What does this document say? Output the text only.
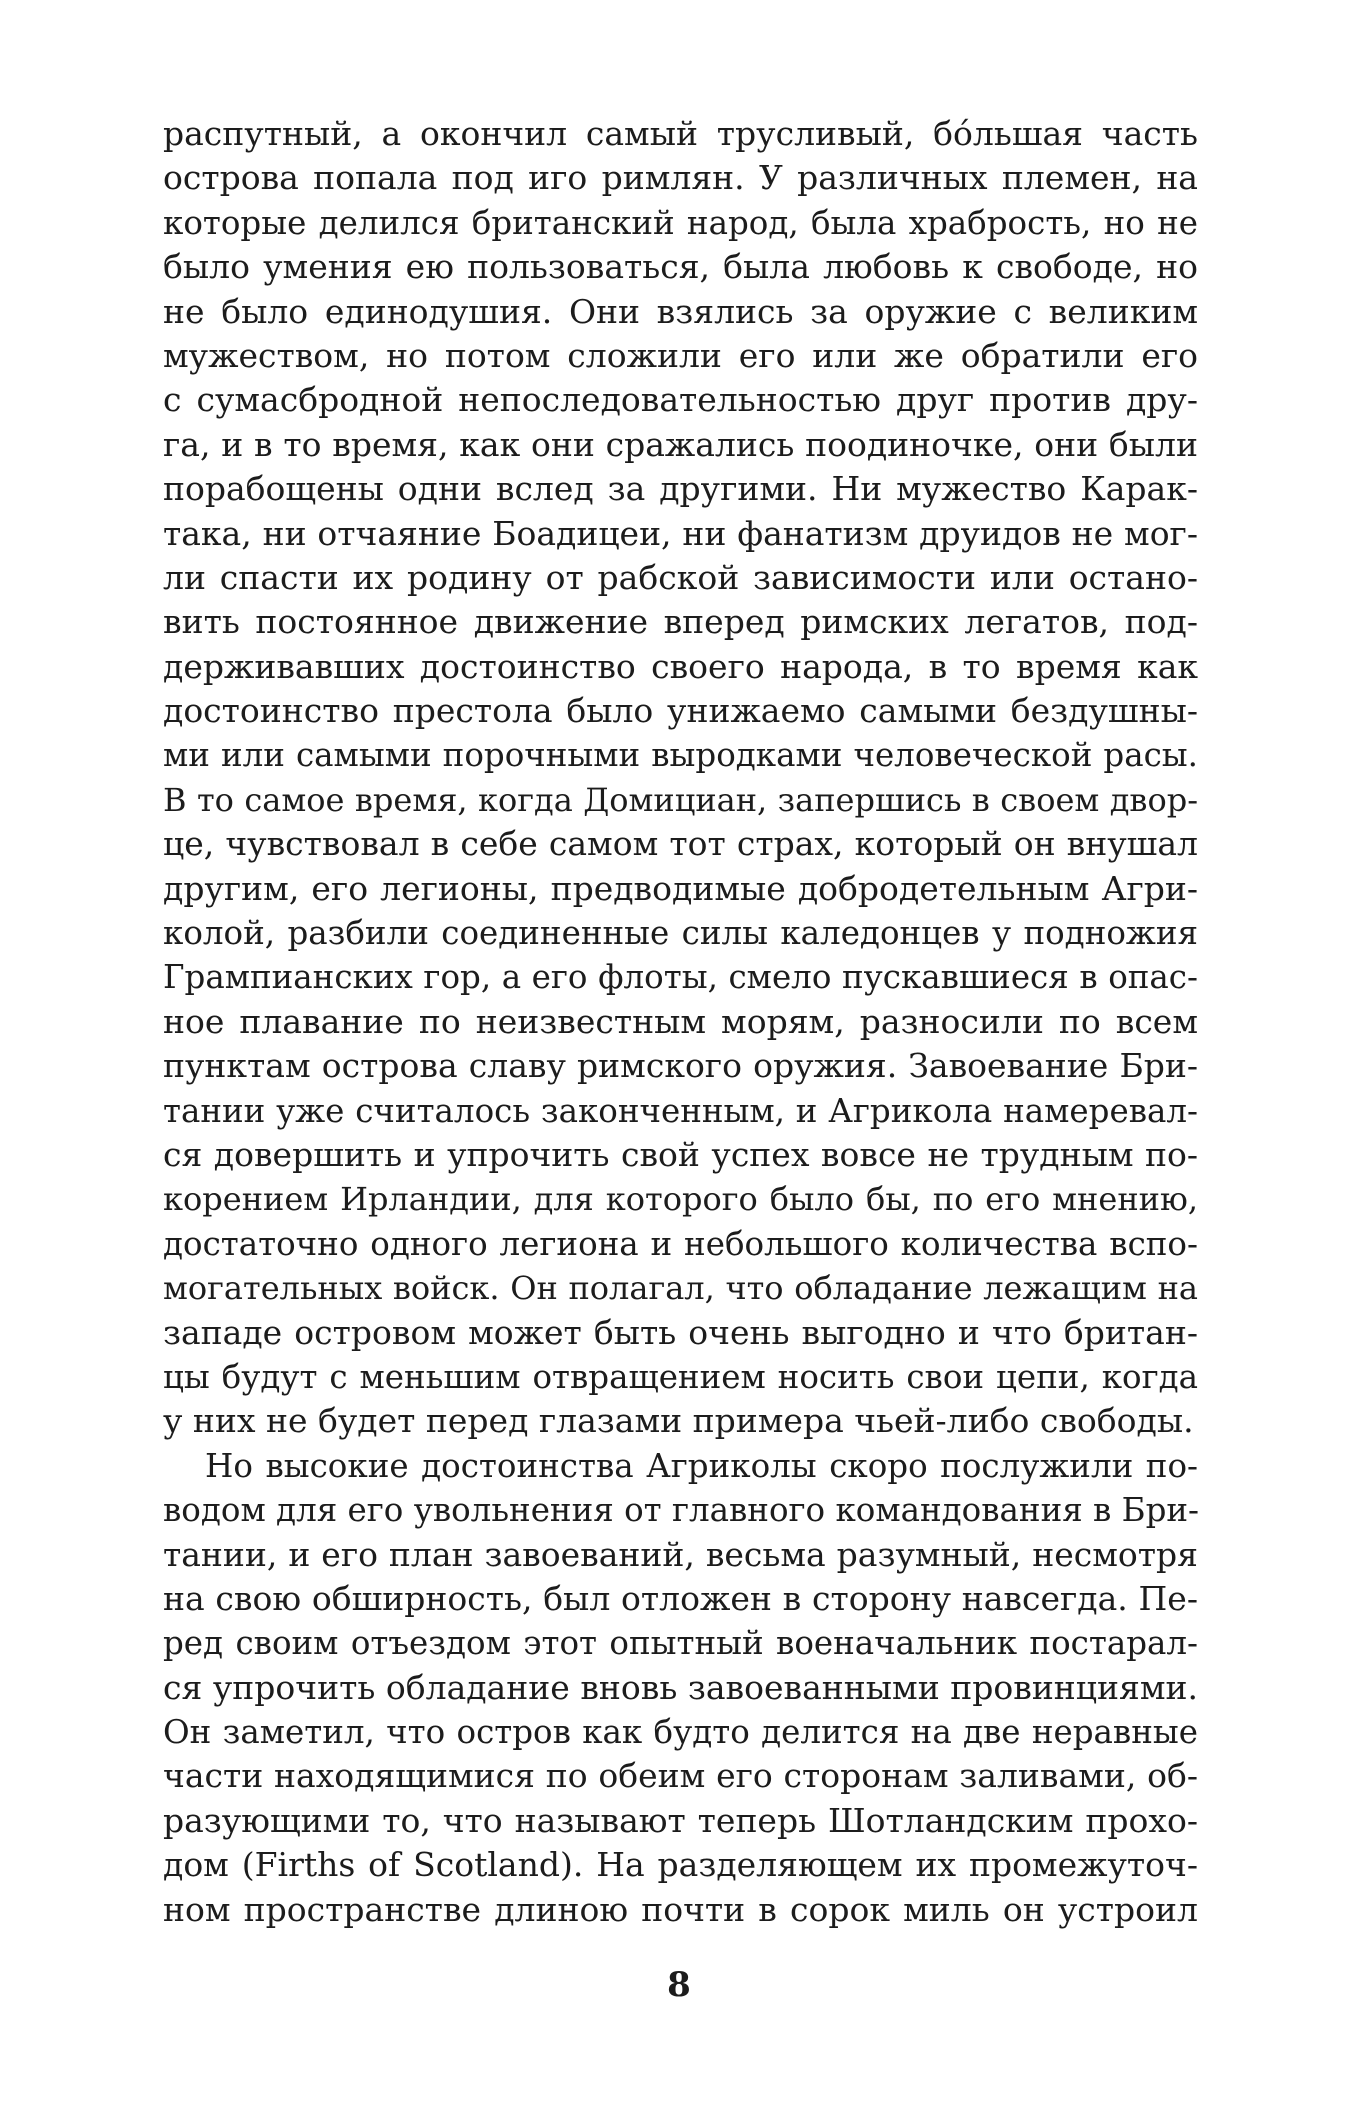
распутный, а окончил самый трусливый, бóльшая часть
острова попала под иго римлян. У различных племен, на
которые делился британский народ, была храбрость, но не
было умения ею пользоваться, была любовь к свободе, но
не было единодушия. Они взялись за оружие с великим
мужеством, но потом сложили его или же обратили его
с сумасбродной непоследовательностью друг против дру-
га, и в то время, как они сражались поодиночке, они были
порабощены одни вслед за другими. Ни мужество Карак-
така, ни отчаяние Боадицеи, ни фанатизм друидов не мог-
ли спасти их родину от рабской зависимости или остано-
вить постоянное движение вперед римских легатов, под-
держивавших достоинство своего народа, в то время как
достоинство престола было унижаемо самыми бездушны-
ми или самыми порочными выродками человеческой расы.
В то самое время, когда Домициан, запершись в своем двор-
це, чувствовал в себе самом тот страх, который он внушал
другим, его легионы, предводимые добродетельным Агри-
колой, разбили соединенные силы каледонцев у подножия
Грампианских гор, а его флоты, смело пускавшиеся в опас-
ное плавание по неизвестным морям, разносили по всем
пунктам острова славу римского оружия. Завоевание Бри-
тании уже считалось законченным, и Агрикола намеревал-
ся довершить и упрочить свой успех вовсе не трудным по-
корением Ирландии, для которого было бы, по его мнению,
достаточно одного легиона и небольшого количества вспо-
могательных войск. Он полагал, что обладание лежащим на
западе островом может быть очень выгодно и что британ-
цы будут с меньшим отвращением носить свои цепи, когда
у них не будет перед глазами примера чьей-либо свободы.
Но высокие достоинства Агриколы скоро послужили по-
водом для его увольнения от главного командования в Бри-
тании, и его план завоеваний, весьма разумный, несмотря
на свою обширность, был отложен в сторону навсегда. Пе-
ред своим отъездом этот опытный военачальник постарал-
ся упрочить обладание вновь завоеванными провинциями.
Он заметил, что остров как будто делится на две неравные
части находящимися по обеим его сторонам заливами, об-
разующими то, что называют теперь Шотландским прохо-
дом (Firths of Scotland). На разделяющем их промежуточ-
ном пространстве длиною почти в сорок миль он устроил
8
